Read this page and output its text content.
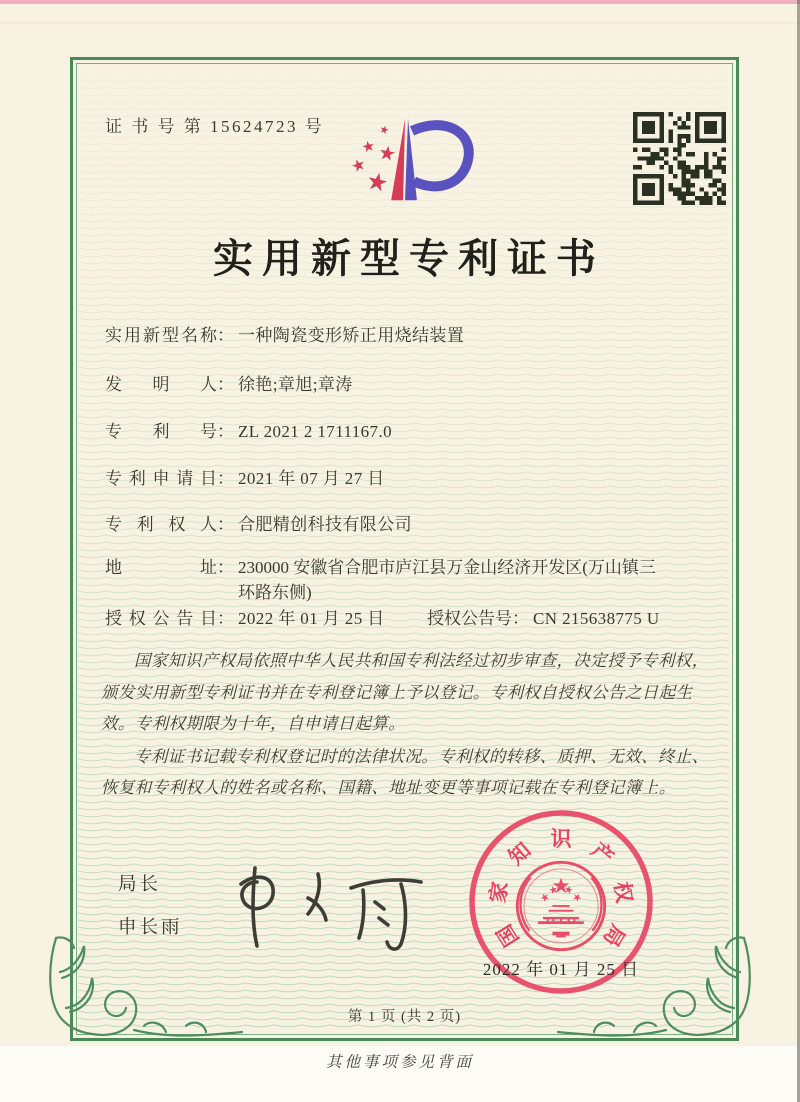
证 书 号 第 15624723 号
实用新型专利证书
实用新型名称： 一种陶瓷变形矫正用烧结装置
发明人： 徐艳;章旭;章涛
专利号： ZL 2021 2 1711167.0
专利申请日： 2021 年 07 月 27 日
专利权人： 合肥精创科技有限公司
地址： 230000 安徽省合肥市庐江县万金山经济开发区(万山镇三环路东侧)
授权公告日： 2022 年 01 月 25 日 授权公告号： CN 215638775 U

国家知识产权局依照中华人民共和国专利法经过初步审查，决定授予专利权，颁发实用新型专利证书并在专利登记簿上予以登记。专利权自授权公告之日起生效。专利权期限为十年，自申请日起算。

专利证书记载专利权登记时的法律状况。专利权的转移、质押、无效、终止、恢复和专利权人的姓名或名称、国籍、地址变更等事项记载在专利登记簿上。

局长
申长雨	国
家
知 识 产
权
局
2022 年 01 月 25 日
第 1 页 (共 2 页)
其他事项参见背面
